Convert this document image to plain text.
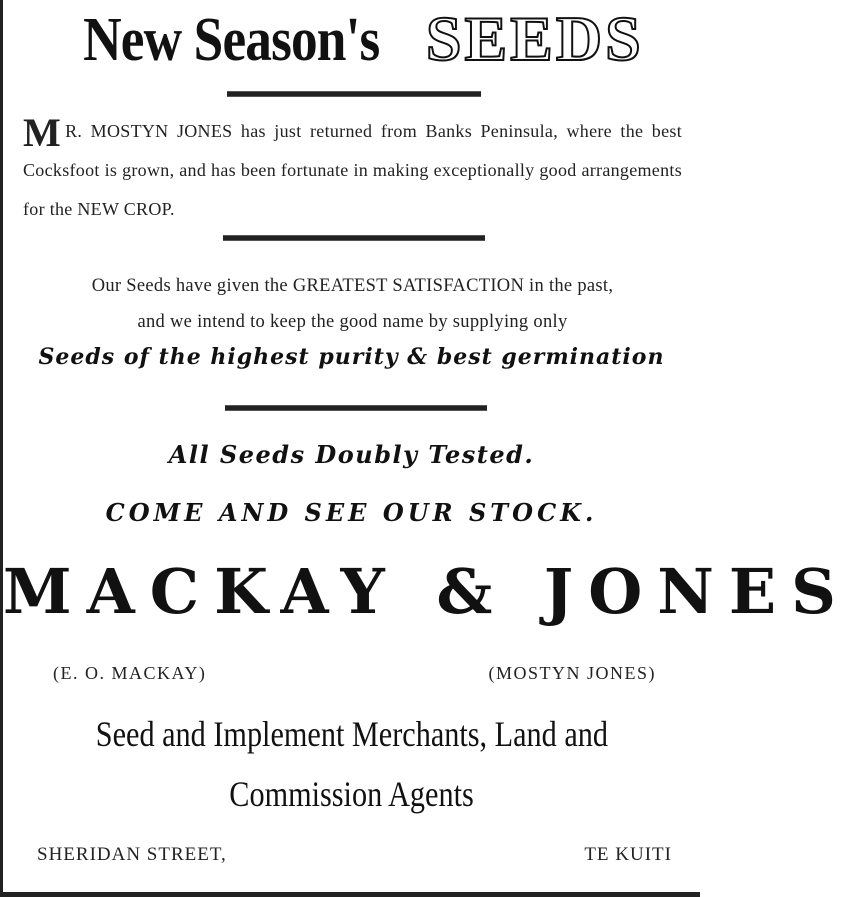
New Season's SEEDS
M R. MOSTYN JONES has just returned from Banks Peninsula, where the best Cocksfoot is grown, and has been fortunate in making exceptionally good arrangements for the NEW CROP.

Our Seeds have given the GREATEST SATISFACTION in the past,

and we intend to keep the good name by supplying only

Seeds of the highest purity & best germination
All Seeds Doubly Tested.
COME AND SEE OUR STOCK.
MACKAY & JONES
(E. O. MACKAY)	(MOSTYN JONES)
Seed and Implement Merchants, Land and
Commission Agents
SHERIDAN STREET,	TE KUITI
